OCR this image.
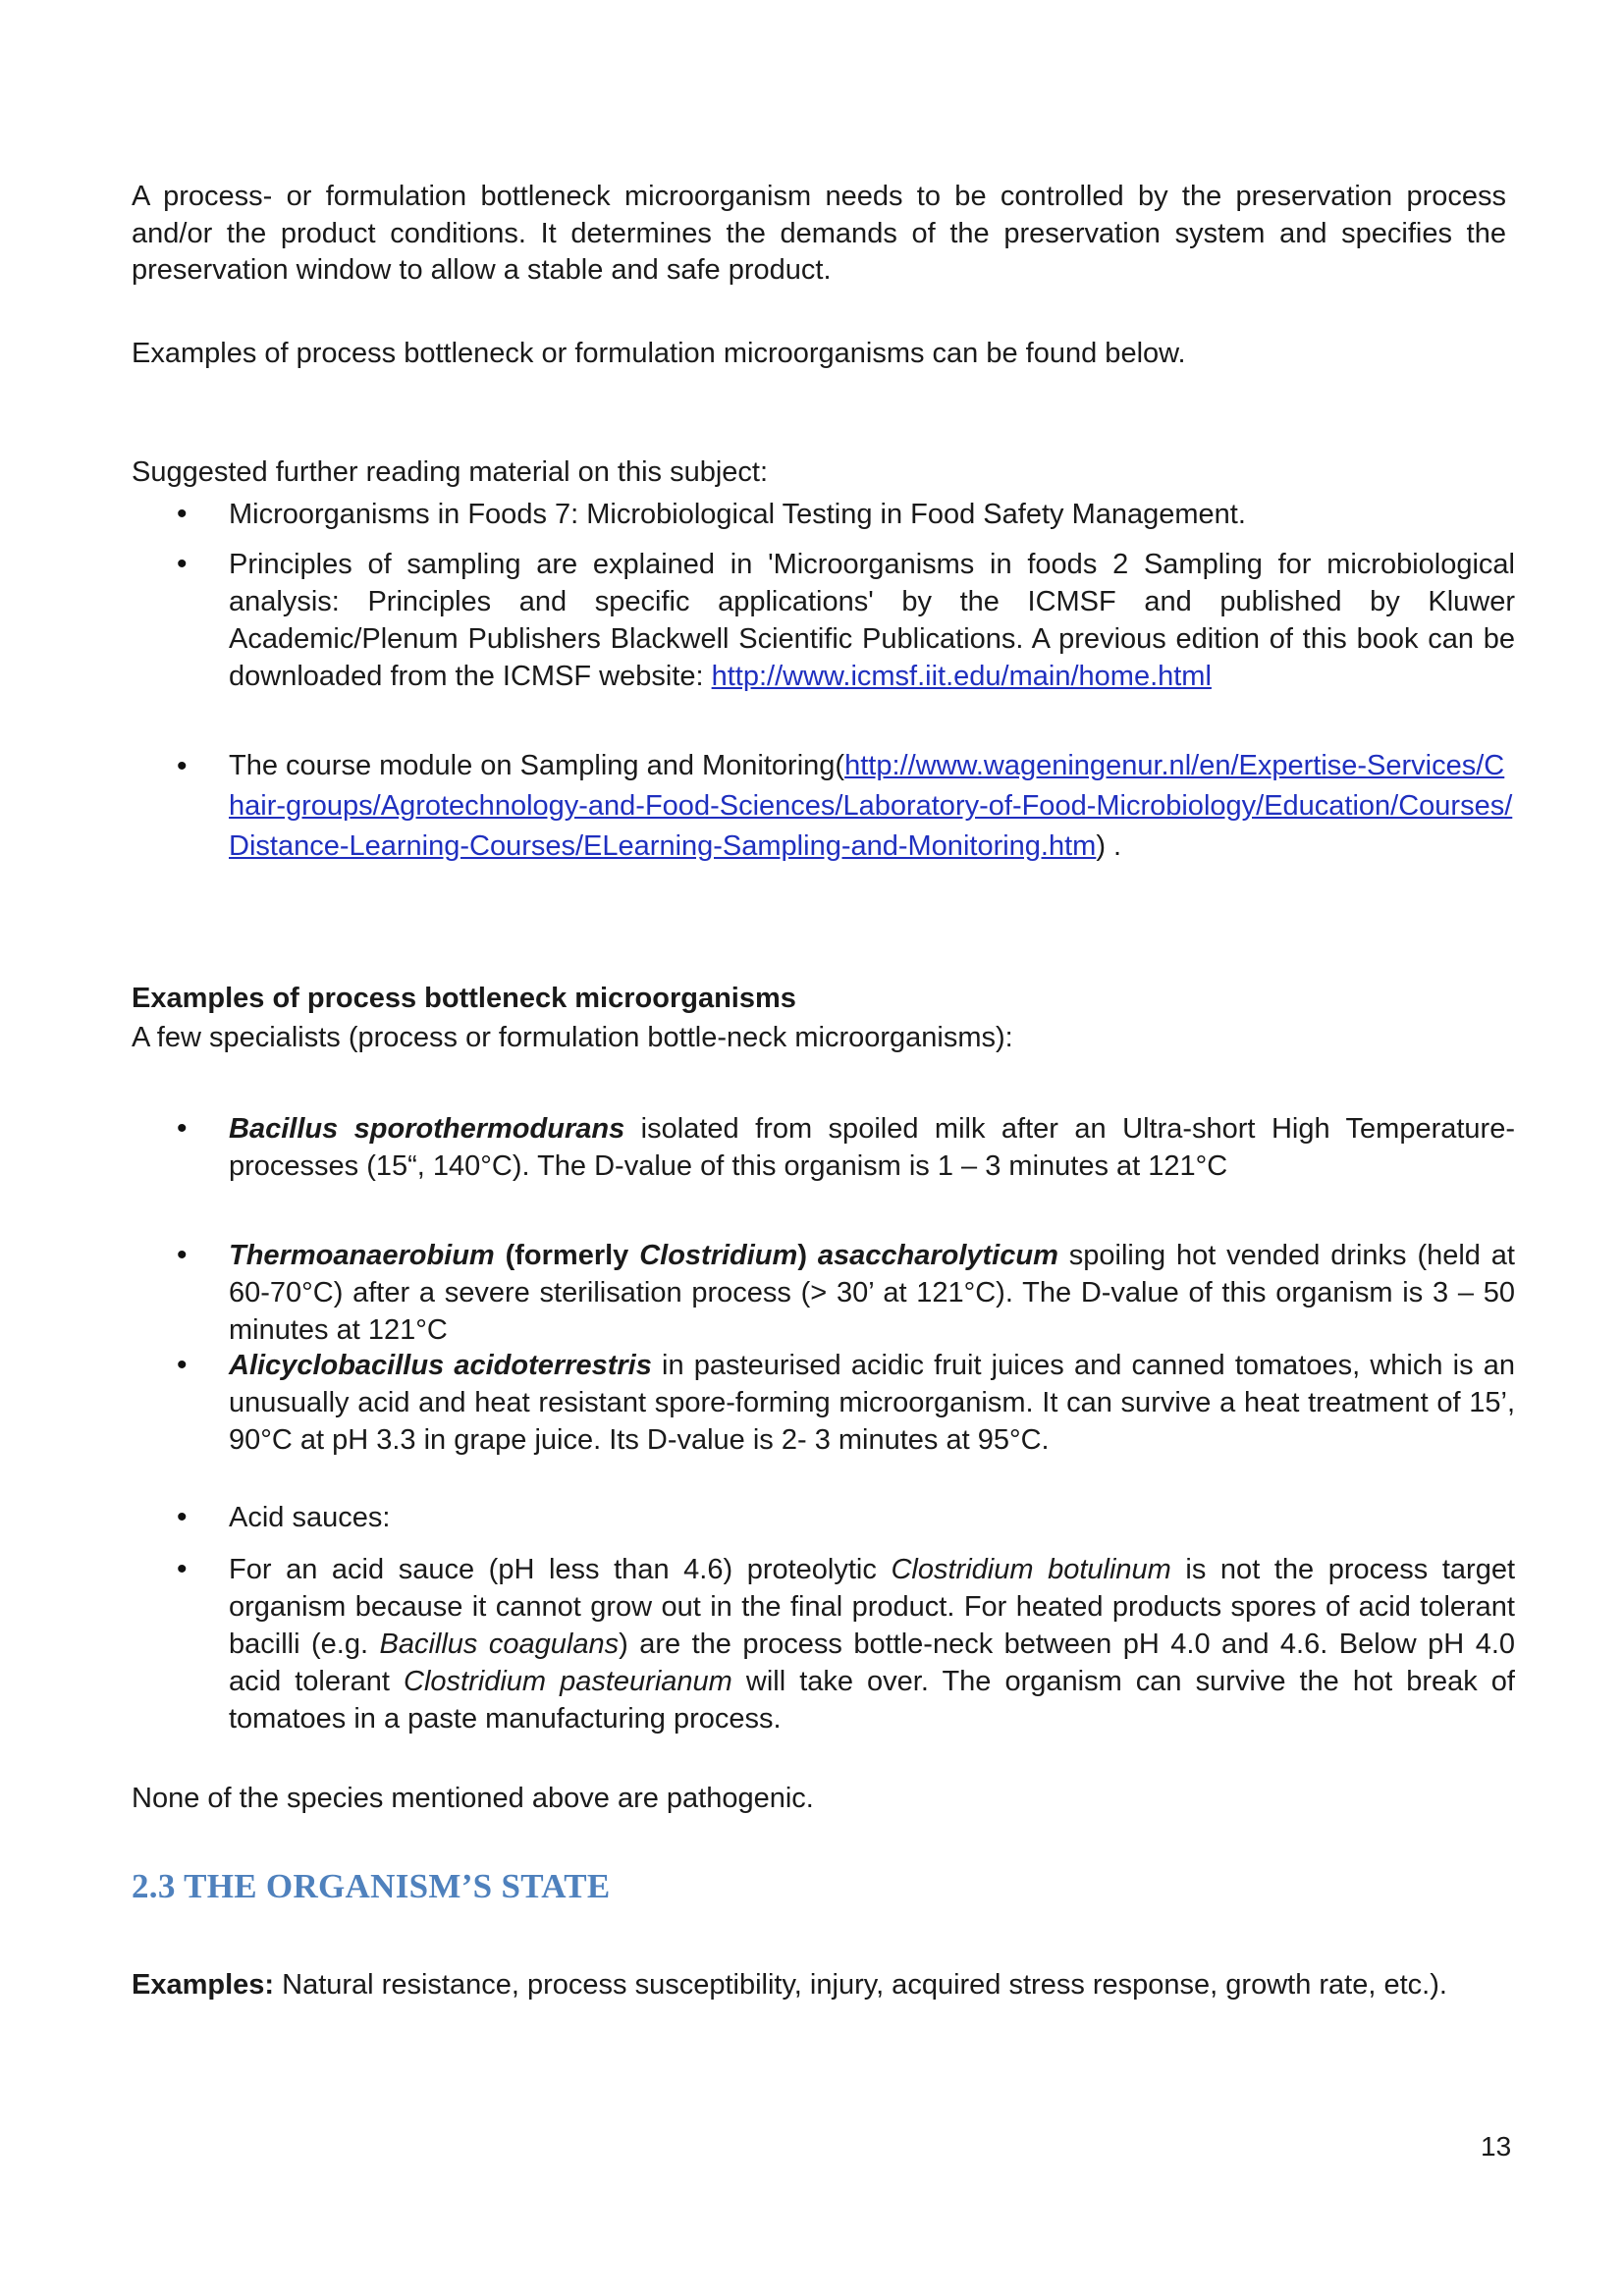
A process- or formulation bottleneck microorganism needs to be controlled by the preservation process and/or the product conditions. It determines the demands of the preservation system and specifies the preservation window to allow a stable and safe product.

Examples of process bottleneck or formulation microorganisms can be found below.

Suggested further reading material on this subject:

• Microorganisms in Foods 7: Microbiological Testing in Food Safety Management.
• Principles of sampling are explained in 'Microorganisms in foods 2 Sampling for microbiological analysis: Principles and specific applications' by the ICMSF and published by Kluwer Academic/Plenum Publishers Blackwell Scientific Publications. A previous edition of this book can be downloaded from the ICMSF website: http://www.icmsf.iit.edu/main/home.html
• The course module on Sampling and Monitoring(http://www.wageningenur.nl/en/Expertise-Services/Chair-groups/Agrotechnology-and-Food-Sciences/Laboratory-of-Food-Microbiology/Education/Courses/Distance-Learning-Courses/ELearning-Sampling-and-Monitoring.htm) .

Examples of process bottleneck microorganisms

A few specialists (process or formulation bottle-neck microorganisms):

• Bacillus sporothermodurans isolated from spoiled milk after an Ultra-short High Temperature-processes (15“, 140°C). The D-value of this organism is 1 – 3 minutes at 121°C
• Thermoanaerobium (formerly Clostridium) asaccharolyticum spoiling hot vended drinks (held at 60-70°C) after a severe sterilisation process (> 30’ at 121°C). The D-value of this organism is 3 – 50 minutes at 121°C
• Alicyclobacillus acidoterrestris in pasteurised acidic fruit juices and canned tomatoes, which is an unusually acid and heat resistant spore-forming microorganism. It can survive a heat treatment of 15’, 90°C at pH 3.3 in grape juice. Its D-value is 2- 3 minutes at 95°C.
• Acid sauces:
• For an acid sauce (pH less than 4.6) proteolytic Clostridium botulinum is not the process target organism because it cannot grow out in the final product. For heated products spores of acid tolerant bacilli (e.g. Bacillus coagulans) are the process bottle-neck between pH 4.0 and 4.6. Below pH 4.0 acid tolerant Clostridium pasteurianum will take over. The organism can survive the hot break of tomatoes in a paste manufacturing process.

None of the species mentioned above are pathogenic.

2.3 THE ORGANISM’S STATE

Examples: Natural resistance, process susceptibility, injury, acquired stress response, growth rate, etc.).

13
